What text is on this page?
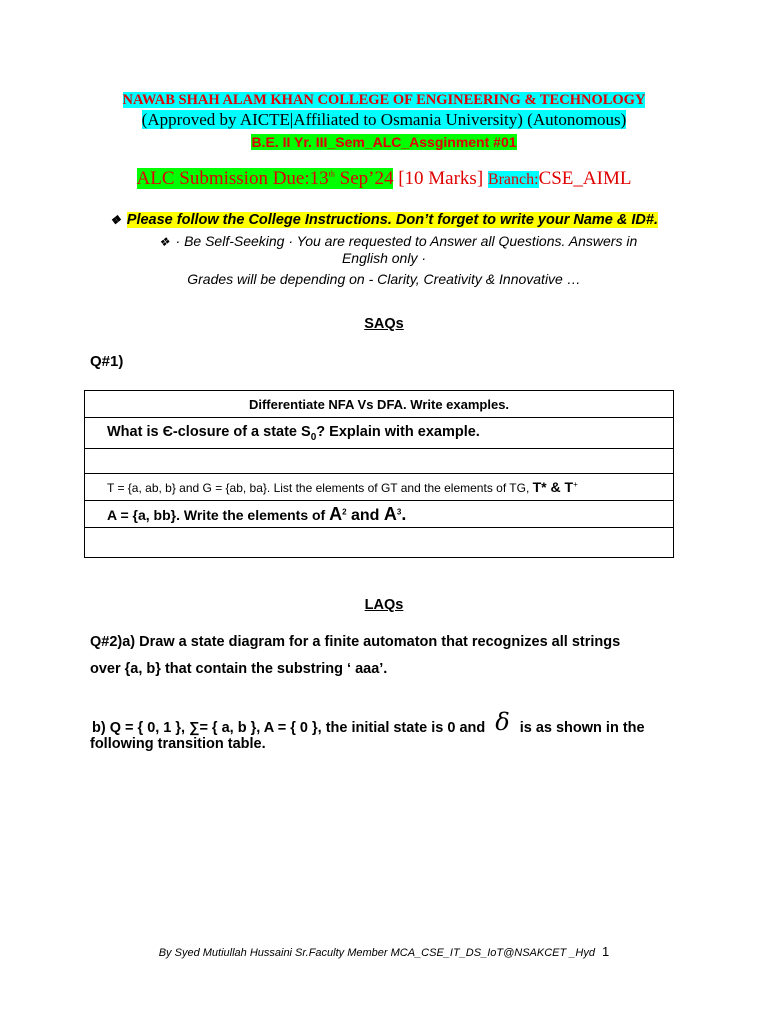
NAWAB SHAH ALAM KHAN COLLEGE OF ENGINEERING & TECHNOLOGY
(Approved by AICTE|Affiliated to Osmania University) (Autonomous)
B.E. II Yr. III_Sem_ALC_Assginment #01
ALC Submission Due:13th Sep’24 [10 Marks] Branch:CSE_AIML
❖ Please follow the College Instructions. Don’t forget to write your Name & ID#.
❖ · Be Self-Seeking · You are requested to Answer all Questions. Answers in
English only ·
Grades will be depending on - Clarity, Creativity & Innovative …
SAQs
Q#1)
Differentiate NFA Vs DFA. Write examples.
What is Є-closure of a state $S_0$? Explain with example.

T = {a, ab, b} and G = {ab, ba}. List the elements of GT and the elements of TG, T* & T+
A = {a, bb}. Write the elements of $A^2$ and $A^3$.

LAQs
Q#2)a) Draw a state diagram for a finite automaton that recognizes all strings
over {a, b} that contain the substring ‘ aaa’.
b) Q = { 0, 1 }, ∑= { a, b }, A = { 0 }, the initial state is 0 and δ is as shown in the
following transition table.
By Syed Mutiullah Hussaini Sr.Faculty Member MCA_CSE_IT_DS_IoT@NSAKCET _Hyd 1
